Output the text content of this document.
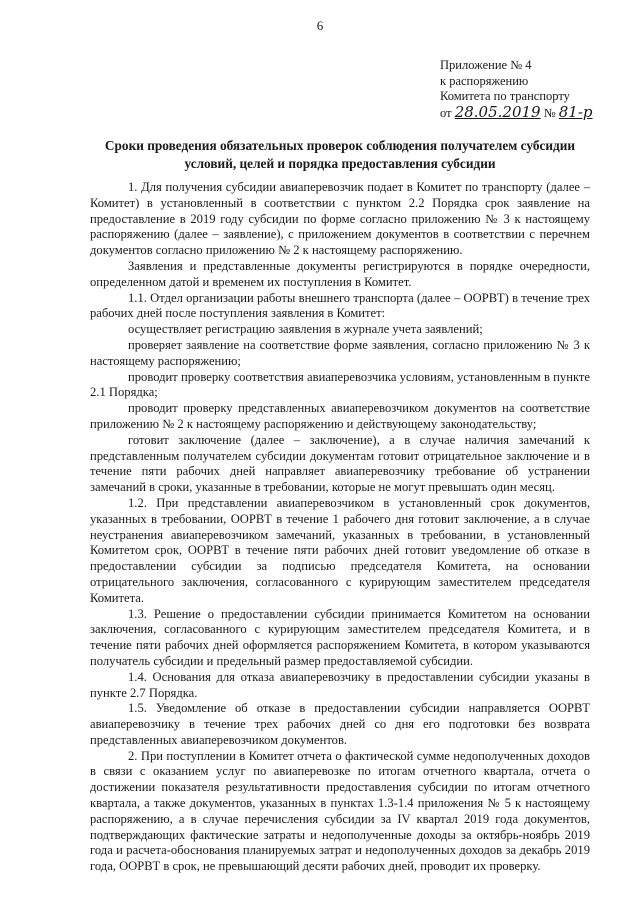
6
Приложение № 4
к распоряжению
Комитета по транспорту
от 28.05.2019 № 81-р
Сроки проведения обязательных проверок соблюдения получателем субсидии условий, целей и порядка предоставления субсидии

1. Для получения субсидии авиаперевозчик подает в Комитет по транспорту (далее – Комитет) в установленный в соответствии с пунктом 2.2 Порядка срок заявление на предоставление в 2019 году субсидии по форме согласно приложению № 3 к настоящему распоряжению (далее – заявление), с приложением документов в соответствии с перечнем документов согласно приложению № 2 к настоящему распоряжению.

Заявления и представленные документы регистрируются в порядке очередности, определенном датой и временем их поступления в Комитет.

1.1. Отдел организации работы внешнего транспорта (далее – ООРВТ) в течение трех рабочих дней после поступления заявления в Комитет:

осуществляет регистрацию заявления в журнале учета заявлений;

проверяет заявление на соответствие форме заявления, согласно приложению № 3 к настоящему распоряжению;

проводит проверку соответствия авиаперевозчика условиям, установленным в пункте 2.1 Порядка;

проводит проверку представленных авиаперевозчиком документов на соответствие приложению № 2 к настоящему распоряжению и действующему законодательству;

готовит заключение (далее – заключение), а в случае наличия замечаний к представленным получателем субсидии документам готовит отрицательное заключение и в течение пяти рабочих дней направляет авиаперевозчику требование об устранении замечаний в сроки, указанные в требовании, которые не могут превышать один месяц.

1.2. При представлении авиаперевозчиком в установленный срок документов, указанных в требовании, ООРВТ в течение 1 рабочего дня готовит заключение, а в случае неустранения авиаперевозчиком замечаний, указанных в требовании, в установленный Комитетом срок, ООРВТ в течение пяти рабочих дней готовит уведомление об отказе в предоставлении субсидии за подписью председателя Комитета, на основании отрицательного заключения, согласованного с курирующим заместителем председателя Комитета.

1.3. Решение о предоставлении субсидии принимается Комитетом на основании заключения, согласованного с курирующим заместителем председателя Комитета, и в течение пяти рабочих дней оформляется распоряжением Комитета, в котором указываются получатель субсидии и предельный размер предоставляемой субсидии.

1.4. Основания для отказа авиаперевозчику в предоставлении субсидии указаны в пункте 2.7 Порядка.

1.5. Уведомление об отказе в предоставлении субсидии направляется ООРВТ авиаперевозчику в течение трех рабочих дней со дня его подготовки без возврата представленных авиаперевозчиком документов.

2. При поступлении в Комитет отчета о фактической сумме недополученных доходов в связи с оказанием услуг по авиаперевозке по итогам отчетного квартала, отчета о достижении показателя результативности предоставления субсидии по итогам отчетного квартала, а также документов, указанных в пунктах 1.3-1.4 приложения № 5 к настоящему распоряжению, а в случае перечисления субсидии за IV квартал 2019 года документов, подтверждающих фактические затраты и недополученные доходы за октябрь-ноябрь 2019 года и расчета-обоснования планируемых затрат и недополученных доходов за декабрь 2019 года, ООРВТ в срок, не превышающий десяти рабочих дней, проводит их проверку.
